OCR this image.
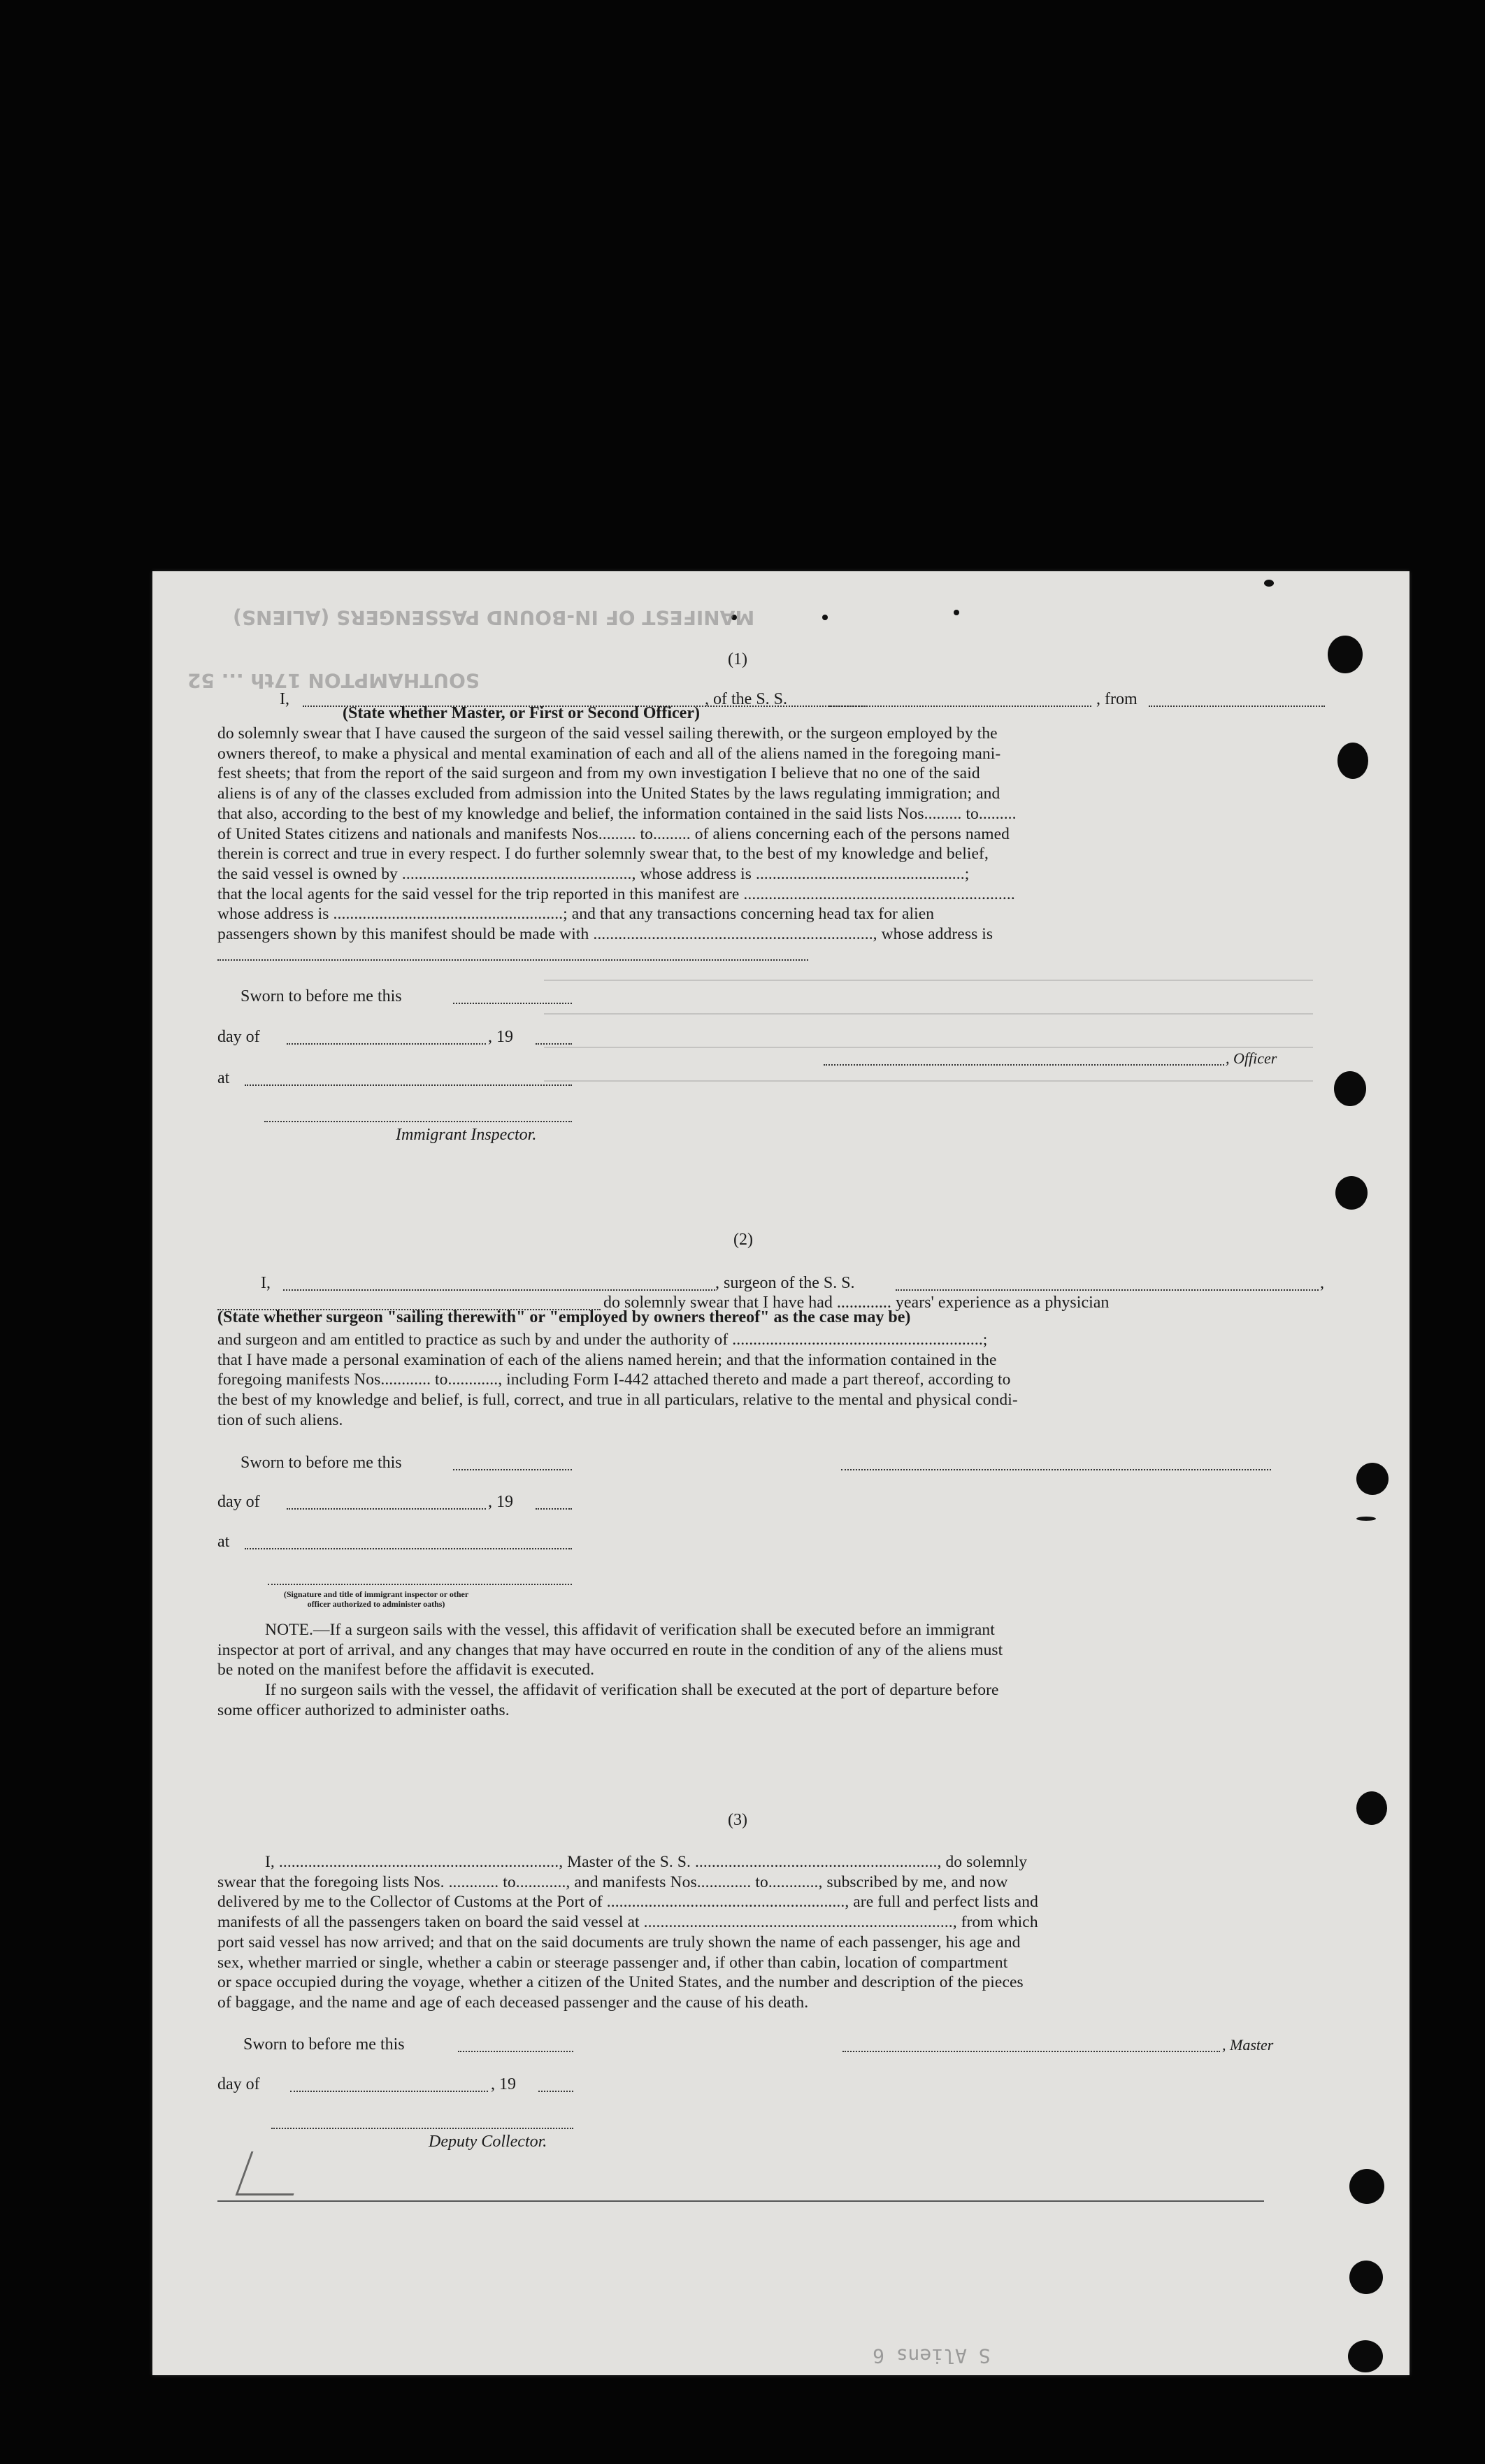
MANIFEST OF IN-BOUND PASSENGERS (ALIENS)
SOUTHAMPTON 17th ... 52
S Aliens 6
(1)
I,	, of the S. S.	, from
(State whether Master, or First or Second Officer)
do solemnly swear that I have caused the surgeon of the said vessel sailing therewith, or the surgeon employed by the
owners thereof, to make a physical and mental examination of each and all of the aliens named in the foregoing mani-
fest sheets; that from the report of the said surgeon and from my own investigation I believe that no one of the said
aliens is of any of the classes excluded from admission into the United States by the laws regulating immigration; and
that also, according to the best of my knowledge and belief, the information contained in the said lists Nos......... to.........
of United States citizens and nationals and manifests Nos......... to......... of aliens concerning each of the persons named
therein is correct and true in every respect. I do further solemnly swear that, to the best of my knowledge and belief,
the said vessel is owned by ......................................................., whose address is ..................................................;
that the local agents for the said vessel for the trip reported in this manifest are .................................................................
whose address is .......................................................; and that any transactions concerning head tax for alien
passengers shown by this manifest should be made with ..................................................................., whose address is
Sworn to before me this
day of	, 19
at
Immigrant Inspector.
, Officer
(2)
I,	, surgeon of the S. S.	,
do solemnly swear that I have had ............. years' experience as a physician
(State whether surgeon "sailing therewith" or "employed by owners thereof" as the case may be)
and surgeon and am entitled to practice as such by and under the authority of ............................................................;
that I have made a personal examination of each of the aliens named herein; and that the information contained in the
foregoing manifests Nos............ to............, including Form I-442 attached thereto and made a part thereof, according to
the best of my knowledge and belief, is full, correct, and true in all particulars, relative to the mental and physical condi-
tion of such aliens.
Sworn to before me this
day of	, 19
at
(Signature and title of immigrant inspector or other officer authorized to administer oaths)
NOTE.—If a surgeon sails with the vessel, this affidavit of verification shall be executed before an immigrant
inspector at port of arrival, and any changes that may have occurred en route in the condition of any of the aliens must
be noted on the manifest before the affidavit is executed.
If no surgeon sails with the vessel, the affidavit of verification shall be executed at the port of departure before
some officer authorized to administer oaths.
(3)
I, ..................................................................., Master of the S. S. .........................................................., do solemnly
swear that the foregoing lists Nos. ............ to............, and manifests Nos............. to............, subscribed by me, and now
delivered by me to the Collector of Customs at the Port of ........................................................., are full and perfect lists and
manifests of all the passengers taken on board the said vessel at .........................................................................., from which
port said vessel has now arrived; and that on the said documents are truly shown the name of each passenger, his age and
sex, whether married or single, whether a cabin or steerage passenger and, if other than cabin, location of compartment
or space occupied during the voyage, whether a citizen of the United States, and the number and description of the pieces
of baggage, and the name and age of each deceased passenger and the cause of his death.
Sworn to before me this	, Master
day of	, 19
Deputy Collector.
